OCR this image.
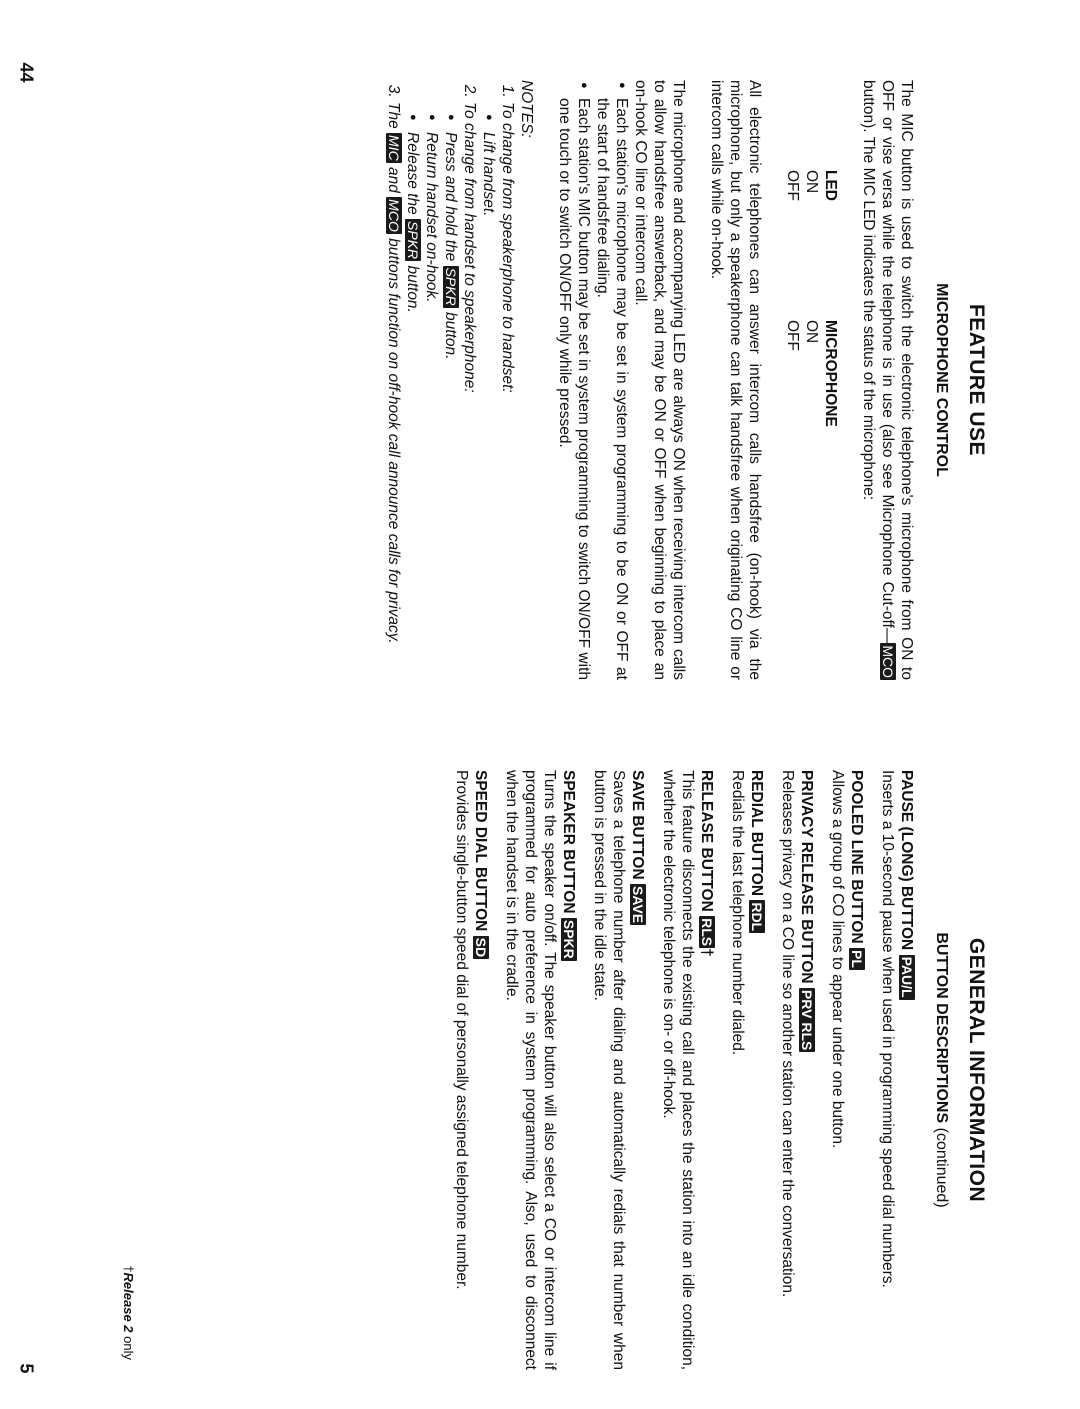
44
5
FEATURE USE
MICROPHONE CONTROL

The MIC button is used to switch the electronic telephone's microphone from ON to OFF or vise versa while the telephone is in use (also see Microphone Cut-off—MCO button). The MIC LED indicates the status of the microphone:

LED	MICROPHONE
ON	ON
OFF	OFF

All electronic telephones can answer intercom calls handsfree (on-hook) via the microphone, but only a speakerphone can talk handsfree when originating CO line or intercom calls while on-hook.

The microphone and accompanying LED are always ON when receiving intercom calls to allow handsfree answerback, and may be ON or OFF when beginning to place an on-hook CO line or intercom call.

● Each station's microphone may be set in system programming to be ON or OFF at the start of handsfree dialing.
● Each station's MIC button may be set in system programming to switch ON/OFF with one touch or to switch ON/OFF only while pressed.

NOTES:

1. To change from speakerphone to handset:
● Lift handset.
2. To change from handset to speakerphone:
● Press and hold the SPKR button.
● Return handset on-hook.
● Release the SPKR button.
3. The MIC and MCO buttons function on off-hook call announce calls for privacy.
GENERAL INFORMATION
BUTTON DESCRIPTIONS (continued)
PAUSE (LONG) BUTTON PAU/L

Inserts a 10-second pause when used in programming speed dial numbers.

POOLED LINE BUTTON PL

Allows a group of CO lines to appear under one button.

PRIVACY RELEASE BUTTON PRV RLS

Releases privacy on a CO line so another station can enter the conversation.

REDIAL BUTTON RDL

Redials the last telephone number dialed.

RELEASE BUTTON RLS†

This feature disconnects the existing call and places the station into an idle condition, whether the electronic telephone is on- or off-hook.

SAVE BUTTON SAVE

Saves a telephone number after dialing and automatically redials that number when button is pressed in the idle state.

SPEAKER BUTTON SPKR

Turns the speaker on/off. The speaker button will also select a CO or intercom line if programmed for auto preference in system programming. Also, used to disconnect when the handset is in the cradle.

SPEED DIAL BUTTON SD

Provides single-button speed dial of personally assigned telephone number.

†Release 2 only
